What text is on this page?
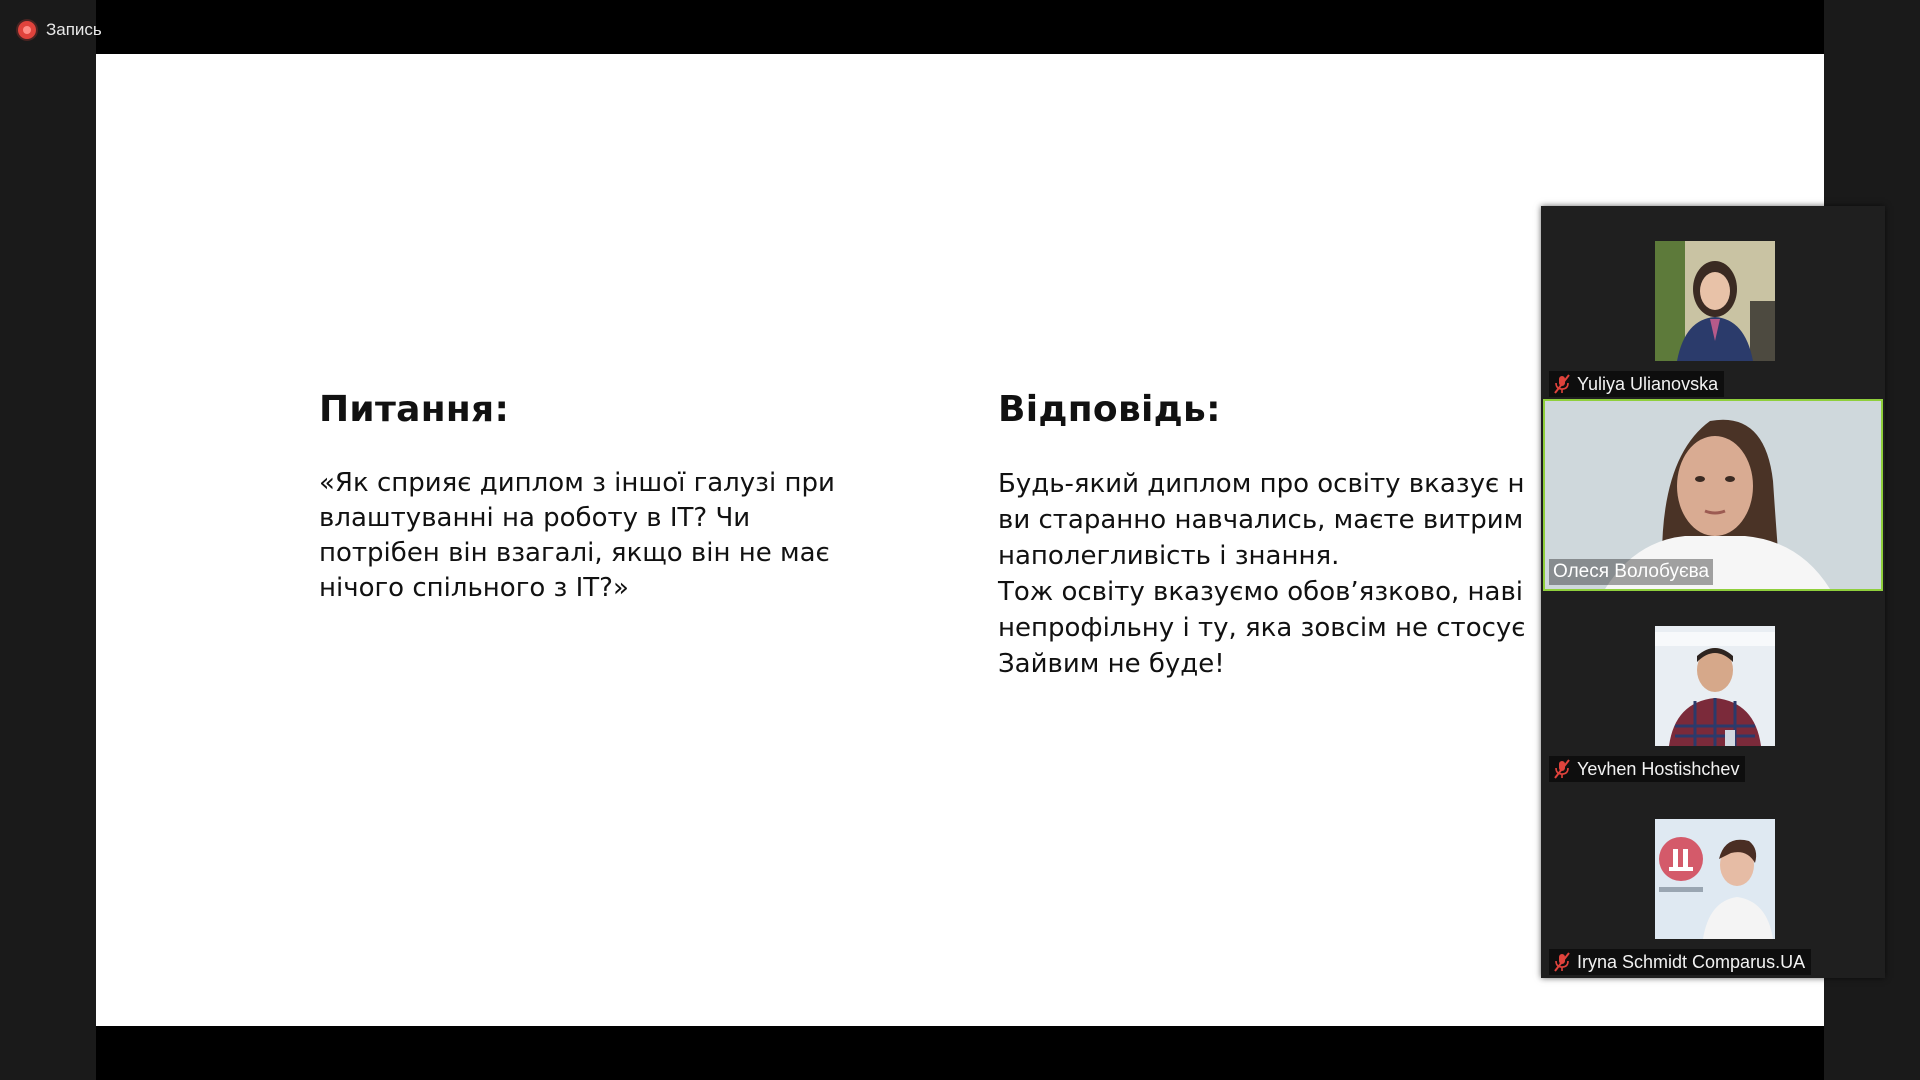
Запись
Питання:

«Як сприяє диплом з іншої галузі при влаштуванні на роботу в IT? Чи потрібен він взагалі, якщо він не має нічого спільного з IT?»

Відповідь:
Будь-який диплом про освіту вказує н
ви старанно навчались, маєте витрим
наполегливість і знання.
Тож освіту вказуємо обов’язково, наві
непрофільну і ту, яка зовсім не стосує
Зайвим не буде!
Yuliya Ulianovska
Олеся Волобуєва
Yevhen Hostishchev
Iryna Schmidt Comparus.UA
